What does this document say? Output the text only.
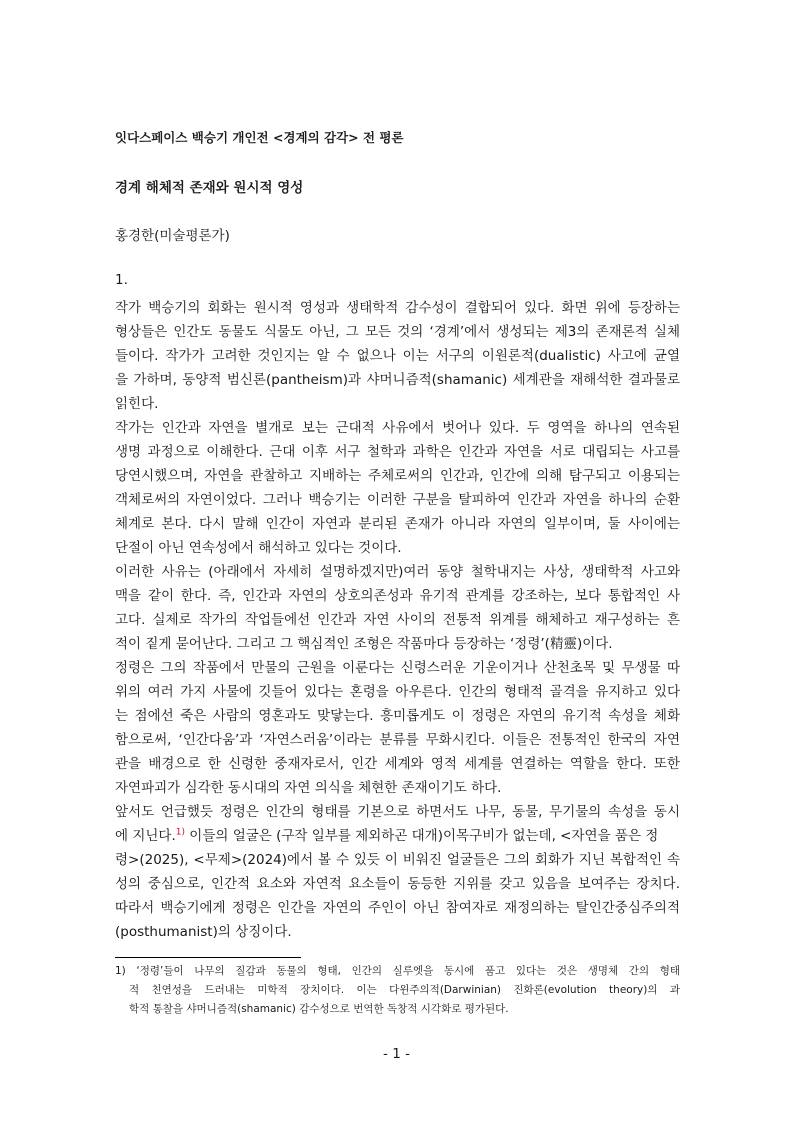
잇다스페이스 백승기 개인전 <경계의 감각> 전 평론
경계 해체적 존재와 원시적 영성
홍경한(미술평론가)
1.
작가 백승기의 회화는 원시적 영성과 생태학적 감수성이 결합되어 있다. 화면 위에 등장하는
형상들은 인간도 동물도 식물도 아닌, 그 모든 것의 ‘경계’에서 생성되는 제3의 존재론적 실체
들이다. 작가가 고려한 것인지는 알 수 없으나 이는 서구의 이원론적(dualistic) 사고에 균열
을 가하며, 동양적 범신론(pantheism)과 샤머니즘적(shamanic) 세계관을 재해석한 결과물로
읽힌다.
작가는 인간과 자연을 별개로 보는 근대적 사유에서 벗어나 있다. 두 영역을 하나의 연속된
생명 과정으로 이해한다. 근대 이후 서구 철학과 과학은 인간과 자연을 서로 대립되는 사고를
당연시했으며, 자연을 관찰하고 지배하는 주체로써의 인간과, 인간에 의해 탐구되고 이용되는
객체로써의 자연이었다. 그러나 백승기는 이러한 구분을 탈피하여 인간과 자연을 하나의 순환
체계로 본다. 다시 말해 인간이 자연과 분리된 존재가 아니라 자연의 일부이며, 둘 사이에는
단절이 아닌 연속성에서 해석하고 있다는 것이다.
이러한 사유는 (아래에서 자세히 설명하겠지만)여러 동양 철학내지는 사상, 생태학적 사고와
맥을 같이 한다. 즉, 인간과 자연의 상호의존성과 유기적 관계를 강조하는, 보다 통합적인 사
고다. 실제로 작가의 작업들에선 인간과 자연 사이의 전통적 위계를 해체하고 재구성하는 흔
적이 짙게 묻어난다. 그리고 그 핵심적인 조형은 작품마다 등장하는 ‘정령’(精靈)이다.
정령은 그의 작품에서 만물의 근원을 이룬다는 신령스러운 기운이거나 산천초목 및 무생물 따
위의 여러 가지 사물에 깃들어 있다는 혼령을 아우른다. 인간의 형태적 골격을 유지하고 있다
는 점에선 죽은 사람의 영혼과도 맞닿는다. 흥미롭게도 이 정령은 자연의 유기적 속성을 체화
함으로써, ‘인간다움’과 ‘자연스러움’이라는 분류를 무화시킨다. 이들은 전통적인 한국의 자연
관을 배경으로 한 신령한 중재자로서, 인간 세계와 영적 세계를 연결하는 역할을 한다. 또한
자연파괴가 심각한 동시대의 자연 의식을 체현한 존재이기도 하다.
앞서도 언급했듯 정령은 인간의 형태를 기본으로 하면서도 나무, 동물, 무기물의 속성을 동시
에 지닌다.$^{1)}$ 이들의 얼굴은 (구작 일부를 제외하곤 대개)이목구비가 없는데, <자연을 품은 정
령>(2025), <무제>(2024)에서 볼 수 있듯 이 비워진 얼굴들은 그의 회화가 지닌 복합적인 속
성의 중심으로, 인간적 요소와 자연적 요소들이 동등한 지위를 갖고 있음을 보여주는 장치다.
따라서 백승기에게 정령은 인간을 자연의 주인이 아닌 참여자로 재정의하는 탈인간중심주의적
(posthumanist)의 상징이다.
1) ‘정령’들이 나무의 질감과 동물의 형태, 인간의 실루엣을 동시에 품고 있다는 것은 생명체 간의 형태
적 친연성을 드러내는 미학적 장치이다. 이는 다윈주의적(Darwinian) 진화론(evolution theory)의 과
학적 통찰을 샤머니즘적(shamanic) 감수성으로 번역한 독창적 시각화로 평가된다.
- 1 -
